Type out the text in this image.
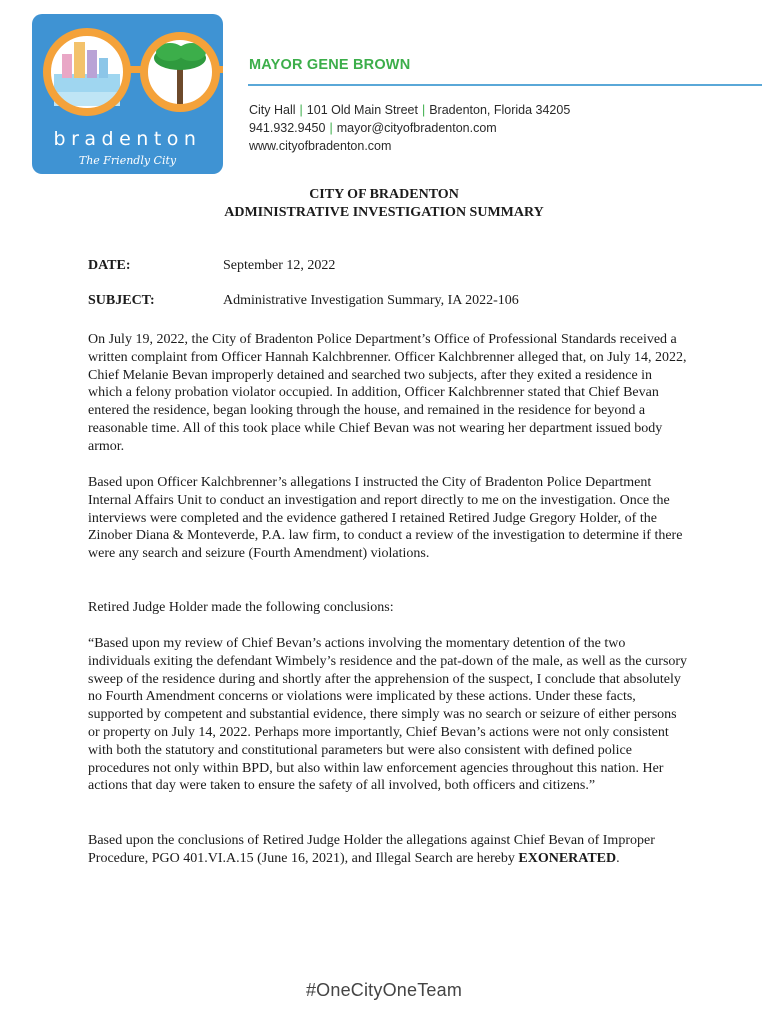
bradenton
The Friendly City
MAYOR GENE BROWN
City Hall | 101 Old Main Street | Bradenton, Florida 34205
941.932.9450 | mayor@cityofbradenton.com
www.cityofbradenton.com
CITY OF BRADENTON
ADMINISTRATIVE INVESTIGATION SUMMARY
DATE:	September 12, 2022
SUBJECT:	Administrative Investigation Summary, IA 2022-106
On July 19, 2022, the City of Bradenton Police Department’s Office of Professional Standards received a written complaint from Officer Hannah Kalchbrenner. Officer Kalchbrenner alleged that, on July 14, 2022, Chief Melanie Bevan improperly detained and searched two subjects, after they exited a residence in which a felony probation violator occupied. In addition, Officer Kalchbrenner stated that Chief Bevan entered the residence, began looking through the house, and remained in the residence for beyond a reasonable time. All of this took place while Chief Bevan was not wearing her department issued body armor.
Based upon Officer Kalchbrenner’s allegations I instructed the City of Bradenton Police Department Internal Affairs Unit to conduct an investigation and report directly to me on the investigation. Once the interviews were completed and the evidence gathered I retained Retired Judge Gregory Holder, of the Zinober Diana & Monteverde, P.A. law firm, to conduct a review of the investigation to determine if there were any search and seizure (Fourth Amendment) violations.
Retired Judge Holder made the following conclusions:
“Based upon my review of Chief Bevan’s actions involving the momentary detention of the two individuals exiting the defendant Wimbely’s residence and the pat-down of the male, as well as the cursory sweep of the residence during and shortly after the apprehension of the suspect, I conclude that absolutely no Fourth Amendment concerns or violations were implicated by these actions. Under these facts, supported by competent and substantial evidence, there simply was no search or seizure of either persons or property on July 14, 2022. Perhaps more importantly, Chief Bevan’s actions were not only consistent with both the statutory and constitutional parameters but were also consistent with defined police procedures not only within BPD, but also within law enforcement agencies throughout this nation. Her actions that day were taken to ensure the safety of all involved, both officers and citizens.”
Based upon the conclusions of Retired Judge Holder the allegations against Chief Bevan of Improper Procedure, PGO 401.VI.A.15 (June 16, 2021), and Illegal Search are hereby EXONERATED.
#OneCityOneTeam
